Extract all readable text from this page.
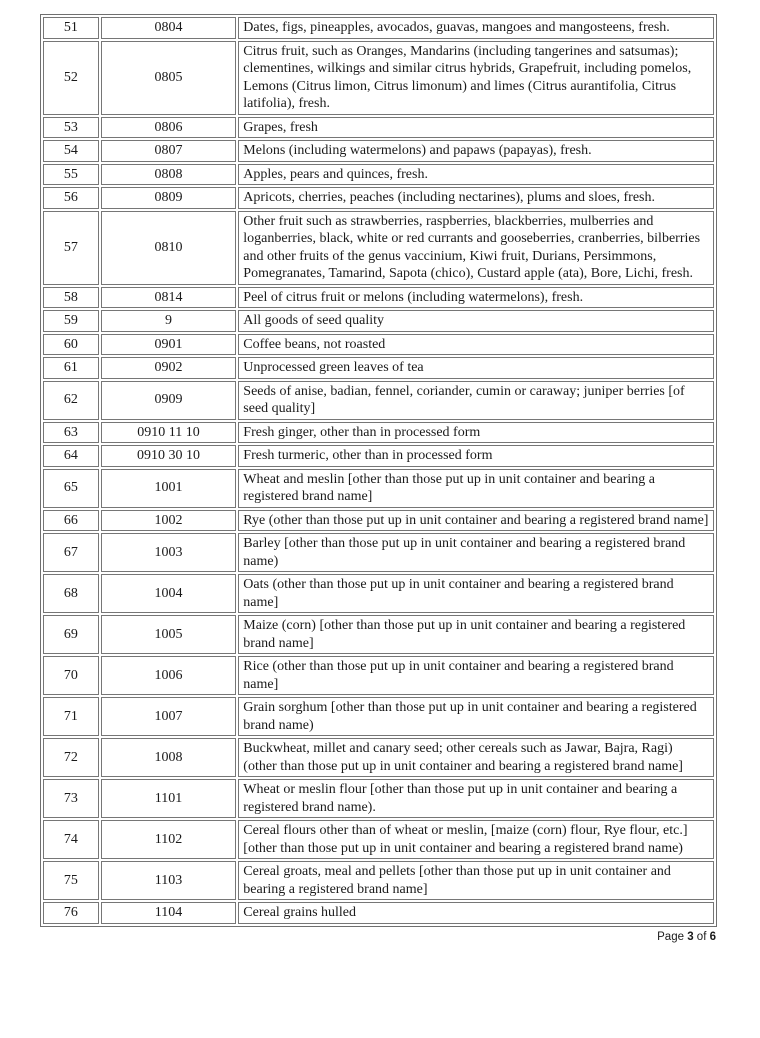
51	0804	Dates, figs, pineapples, avocados, guavas, mangoes and mangosteens, fresh.
52	0805	Citrus fruit, such as Oranges, Mandarins (including tangerines and satsumas); clementines, wilkings and similar citrus hybrids, Grapefruit, including pomelos, Lemons (Citrus limon, Citrus limonum) and limes (Citrus aurantifolia, Citrus latifolia), fresh.
53	0806	Grapes, fresh
54	0807	Melons (including watermelons) and papaws (papayas), fresh.
55	0808	Apples, pears and quinces, fresh.
56	0809	Apricots, cherries, peaches (including nectarines), plums and sloes, fresh.
57	0810	Other fruit such as strawberries, raspberries, blackberries, mulberries and loganberries, black, white or red currants and gooseberries, cranberries, bilberries and other fruits of the genus vaccinium, Kiwi fruit, Durians, Persimmons, Pomegranates, Tamarind, Sapota (chico), Custard apple (ata), Bore, Lichi, fresh.
58	0814	Peel of citrus fruit or melons (including watermelons), fresh.
59	9	All goods of seed quality
60	0901	Coffee beans, not roasted
61	0902	Unprocessed green leaves of tea
62	0909	Seeds of anise, badian, fennel, coriander, cumin or caraway; juniper berries [of seed quality]
63	0910 11 10	Fresh ginger, other than in processed form
64	0910 30 10	Fresh turmeric, other than in processed form
65	1001	Wheat and meslin [other than those put up in unit container and bearing a registered brand name]
66	1002	Rye (other than those put up in unit container and bearing a registered brand name]
67	1003	Barley [other than those put up in unit container and bearing a registered brand name)
68	1004	Oats (other than those put up in unit container and bearing a registered brand name]
69	1005	Maize (corn) [other than those put up in unit container and bearing a registered brand name]
70	1006	Rice (other than those put up in unit container and bearing a registered brand name]
71	1007	Grain sorghum [other than those put up in unit container and bearing a registered brand name)
72	1008	Buckwheat, millet and canary seed; other cereals such as Jawar, Bajra, Ragi) (other than those put up in unit container and bearing a registered brand name]
73	1101	Wheat or meslin flour [other than those put up in unit container and bearing a registered brand name).
74	1102	Cereal flours other than of wheat or meslin, [maize (corn) flour, Rye flour, etc.] [other than those put up in unit container and bearing a registered brand name)
75	1103	Cereal groats, meal and pellets [other than those put up in unit container and bearing a registered brand name]
76	1104	Cereal grains hulled
Page 3 of 6
